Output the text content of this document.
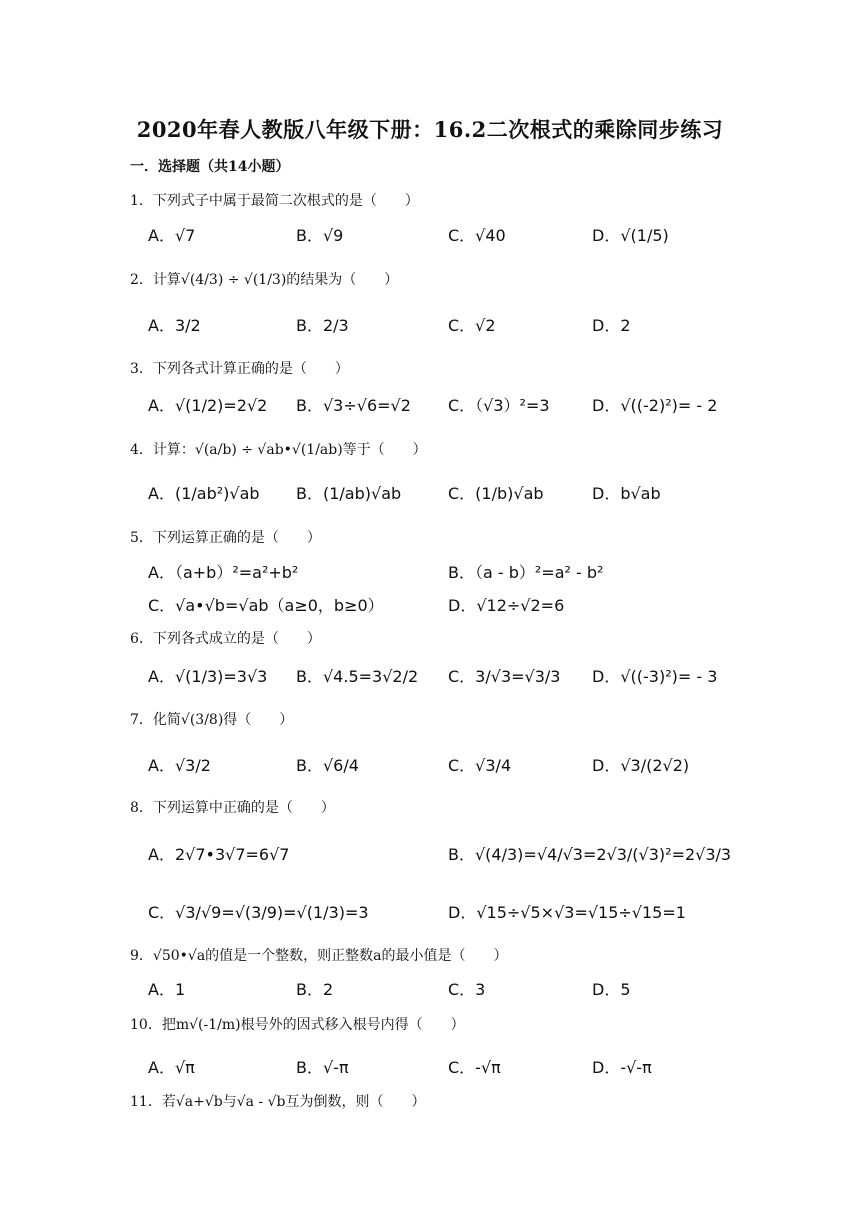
2020年春人教版八年级下册：16.2二次根式的乘除同步练习
一．选择题（共14小题）
1．下列式子中属于最简二次根式的是（　　）
A．√7	B．√9	C．√40	D．√(1/5)
2．计算√(4/3) ÷ √(1/3)的结果为（　　）
A．3/2	B．2/3	C．√2	D．2
3．下列各式计算正确的是（　　）
A．√(1/2)=2√2 B．√3÷√6=√2 C．（√3）²=3	D．√((-2)²)= - 2
4．计算：√(a/b) ÷ √ab•√(1/ab)等于（　　）
A．(1/ab²)√ab B．(1/ab)√ab	C．(1/b)√ab	D．b√ab
5．下列运算正确的是（　　）
A．（a+b）²=a²+b²	B．（a - b）²=a² - b²
C．√a•√b=√ab（a≥0，b≥0）	D．√12÷√2=6
6．下列各式成立的是（　　）
A．√(1/3)=3√3 B．√4.5=3√2/2 C．3/√3=√3/3 D．√((-3)²)= - 3
7．化简√(3/8)得（　　）
A．√3/2	B．√6/4	C．√3/4	D．√3/(2√2)
8．下列运算中正确的是（　　）
A．2√7•3√7=6√7	B．√(4/3)=√4/√3=2√3/(√3)²=2√3/3
C．√3/√9=√(3/9)=√(1/3)=3	D．√15÷√5×√3=√15÷√15=1
9．√50•√a的值是一个整数，则正整数a的最小值是（　　）
A．1	B．2	C．3	D．5
10．把m√(-1/m)根号外的因式移入根号内得（　　）
A．√π	B．√-π	C．-√π	D．-√-π
11．若√a+√b与√a - √b互为倒数，则（　　）
